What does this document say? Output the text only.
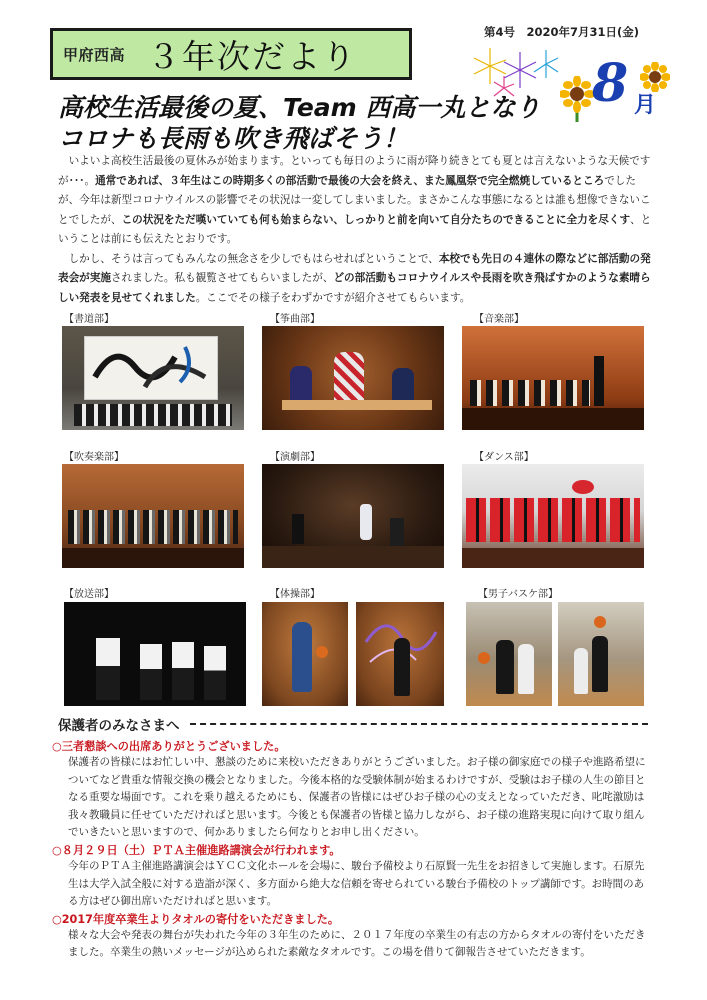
甲府西高 ３年次だより
第4号　2020年7月31日(金)
8 月
高校生活最後の夏、Team 西高一丸となり
コロナも長雨も吹き飛ばそう！

いよいよ高校生活最後の夏休みが始まります。といっても毎日のように雨が降り続きとても夏とは言えないような天候ですが･･･。通常であれば、３年生はこの時期多くの部活動で最後の大会を終え、また鳳凰祭で完全燃焼しているところでしたが、今年は新型コロナウイルスの影響でその状況は一変してしまいました。まさかこんな事態になるとは誰も想像できないことでしたが、この状況をただ嘆いていても何も始まらない、しっかりと前を向いて自分たちのできることに全力を尽くす、ということは前にも伝えたとおりです。

しかし、そうは言ってもみんなの無念さを少しでもはらせればということで、本校でも先日の４連休の際などに部活動の発表会が実施されました。私も観覧させてもらいましたが、どの部活動もコロナウイルスや長雨を吹き飛ばすかのような素晴らしい発表を見せてくれました。ここでその様子をわずかですが紹介させてもらいます。

【書道部】	【筝曲部】	【音楽部】
【吹奏楽部】	【演劇部】	【ダンス部】
【放送部】	【体操部】	【男子バスケ部】
保護者のみなさまへ
○三者懇談への出席ありがとうございました。
保護者の皆様にはお忙しい中、懇談のために来校いただきありがとうございました。お子様の御家庭での様子や進路希望についてなど貴重な情報交換の機会となりました。今後本格的な受験体制が始まるわけですが、受験はお子様の人生の節目となる重要な場面です。これを乗り越えるためにも、保護者の皆様にはぜひお子様の心の支えとなっていただき、叱咤激励は我々教職員に任せていただければと思います。今後とも保護者の皆様と協力しながら、お子様の進路実現に向けて取り組んでいきたいと思いますので、何かありましたら何なりとお申し出ください。
○８月２９日（土）ＰＴＡ主催進路講演会が行われます。
今年のＰＴＡ主催進路講演会はＹＣＣ文化ホールを会場に、駿台予備校より石原賢一先生をお招きして実施します。石原先生は大学入試全般に対する造詣が深く、多方面から絶大な信頼を寄せられている駿台予備校のトップ講師です。お時間のある方はぜひ御出席いただければと思います。
○2017年度卒業生よりタオルの寄付をいただきました。
様々な大会や発表の舞台が失われた今年の３年生のために、２０１７年度の卒業生の有志の方からタオルの寄付をいただきました。卒業生の熱いメッセージが込められた素敵なタオルです。この場を借りて御報告させていただきます。
